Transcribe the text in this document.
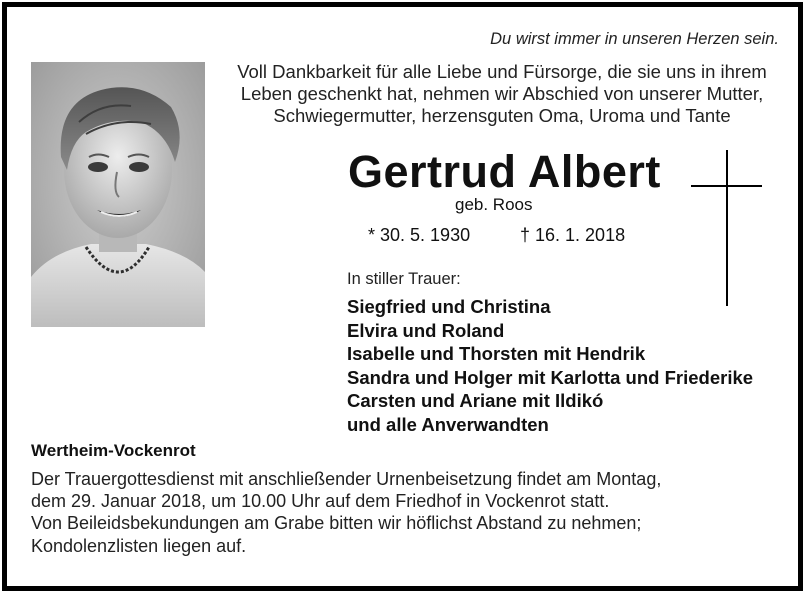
Du wirst immer in unseren Herzen sein.
Voll Dankbarkeit für alle Liebe und Fürsorge, die sie uns in ihrem
Leben geschenkt hat, nehmen wir Abschied von unserer Mutter,
Schwiegermutter, herzensguten Oma, Uroma und Tante
Gertrud Albert
geb. Roos
* 30. 5. 1930	† 16. 1. 2018
In stiller Trauer:
Siegfried und Christina
Elvira und Roland
Isabelle und Thorsten mit Hendrik
Sandra und Holger mit Karlotta und Friederike
Carsten und Ariane mit Ildikó
und alle Anverwandten
Wertheim-Vockenrot
Der Trauergottesdienst mit anschließender Urnenbeisetzung findet am Montag,
dem 29. Januar 2018, um 10.00 Uhr auf dem Friedhof in Vockenrot statt.
Von Beileidsbekundungen am Grabe bitten wir höflichst Abstand zu nehmen;
Kondolenzlisten liegen auf.
